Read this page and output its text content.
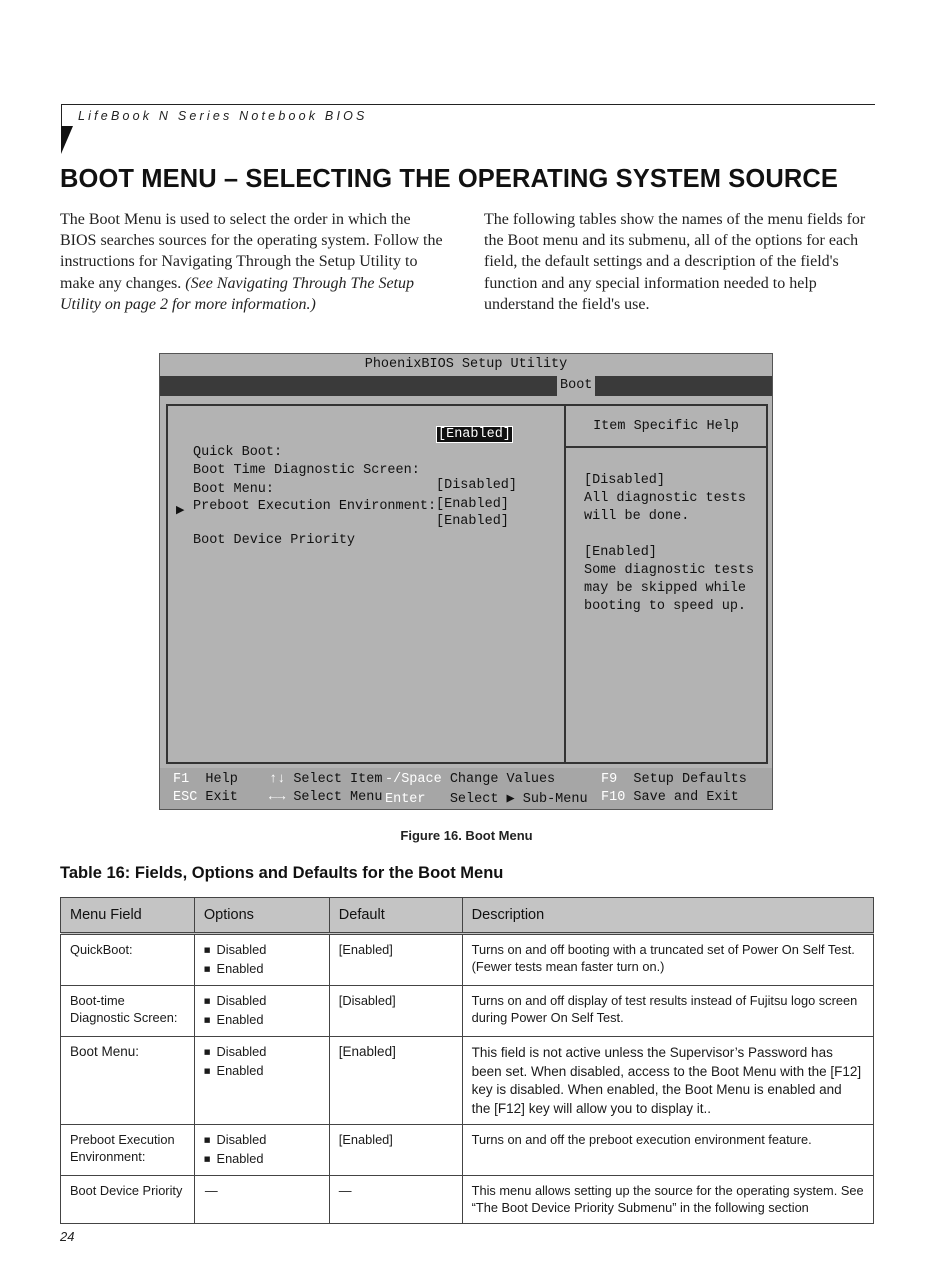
LifeBook N Series Notebook BIOS
BOOT MENU – SELECTING THE OPERATING SYSTEM SOURCE

The Boot Menu is used to select the order in which the BIOS searches sources for the operating system. Follow the instructions for Navigating Through the Setup Utility to make any changes. (See Navigating Through The Setup Utility on page 2 for more information.)

The following tables show the names of the menu fields for the Boot menu and its submenu, all of the options for each field, the default settings and a description of the field's function and any special information needed to help understand the field's use.

PhoenixBIOS Setup Utility
Boot

Quick Boot:

[Enabled]

Boot Time Diagnostic Screen:

[Disabled]

Boot Menu:

[Enabled]

Preboot Execution Environment:

[Enabled]

▶

Boot Device Priority

Item Specific Help
[Disabled]
All diagnostic tests
will be done.

[Enabled]
Some diagnostic tests
may be skipped while
booting to speed up.
F1 Help
ESC Exit
↑↓ Select Item
←→ Select Menu
-/Space Change Values
Enter Select ▶ Sub-Menu
F9 Setup Defaults
F10 Save and Exit
Figure 16. Boot Menu
Table 16: Fields, Options and Defaults for the Boot Menu
Menu Field	Options	Default	Description
QuickBoot:	■ Disabled
■ Enabled	[Enabled]	Turns on and off booting with a truncated set of Power On Self Test. (Fewer tests mean faster turn on.)
Boot-time Diagnostic Screen:	■ Disabled
■ Enabled	[Disabled]	Turns on and off display of test results instead of Fujitsu logo screen during Power On Self Test.
Boot Menu:	■ Disabled
■ Enabled	[Enabled]	This field is not active unless the Supervisor’s Password has been set. When disabled, access to the Boot Menu with the [F12] key is disabled. When enabled, the Boot Menu is enabled and the [F12] key will allow you to display it..
Preboot Execution Environment:	■ Disabled
■ Enabled	[Enabled]	Turns on and off the preboot execution environment feature.
Boot Device Priority	—	—	This menu allows setting up the source for the operating system. See “The Boot Device Priority Submenu” in the following section
24
